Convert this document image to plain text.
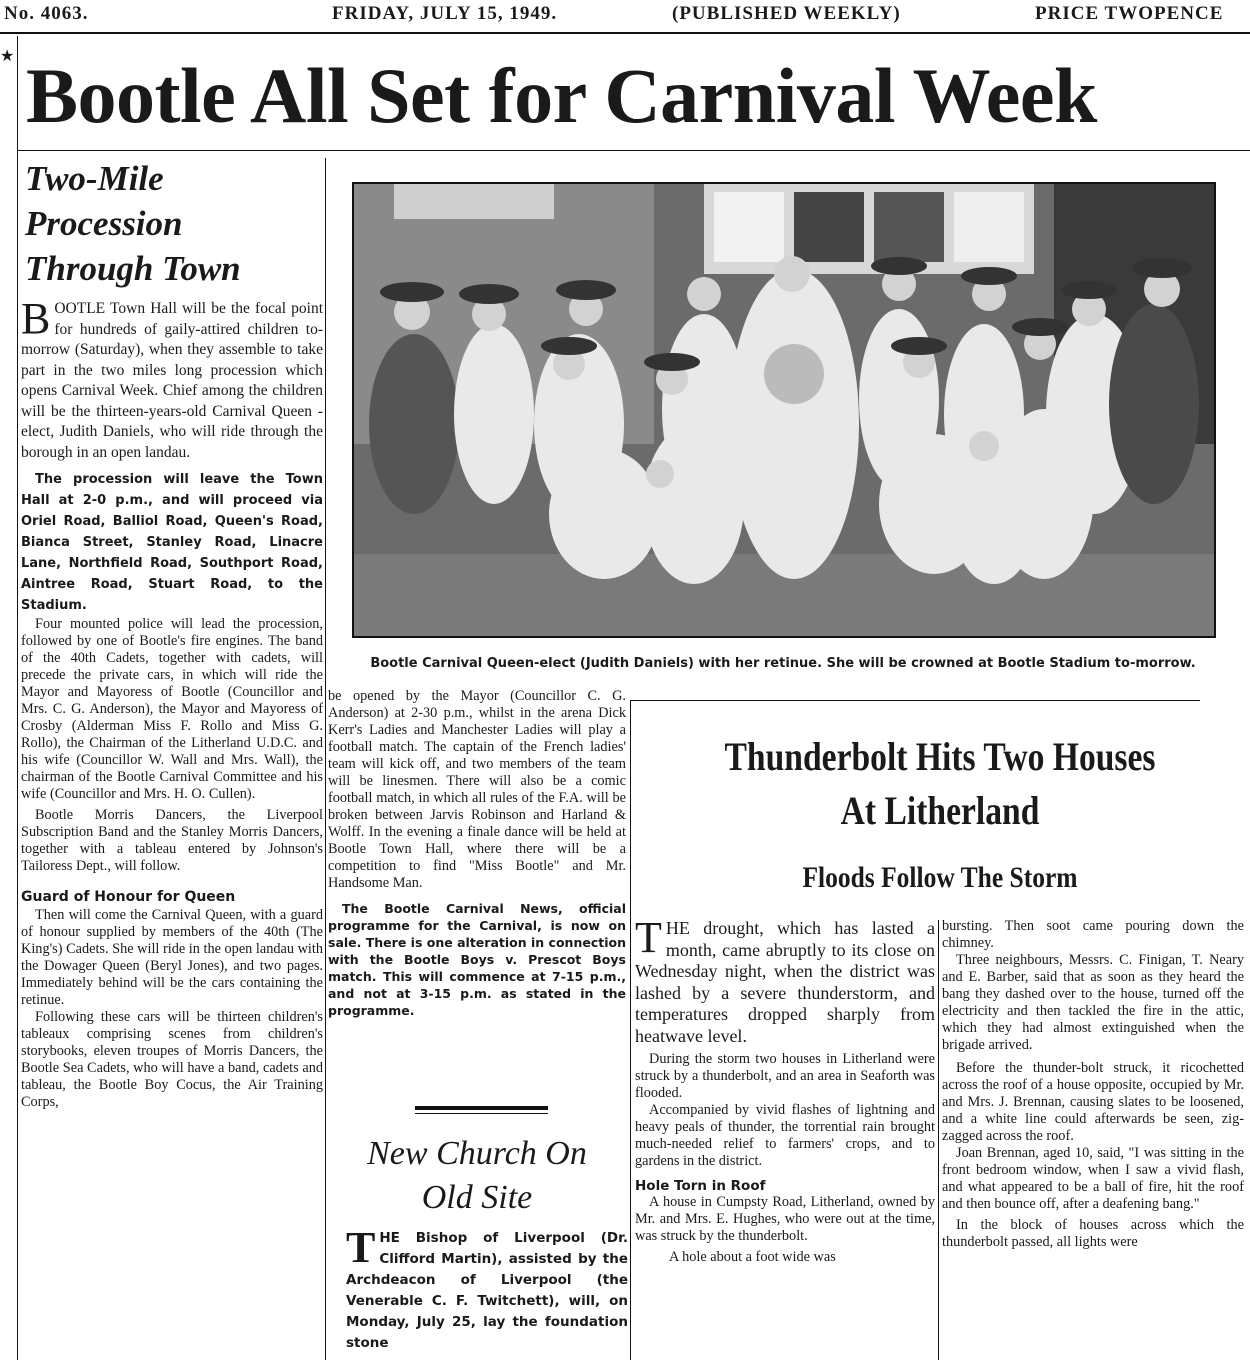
No. 4063.	FRIDAY, JULY 15, 1949.	(PUBLISHED WEEKLY)	PRICE TWOPENCE
★ Bootle All Set for Carnival Week
Two-Mile
Procession
Through Town
BOOTLE Town Hall will be the focal point for hundreds of gaily-attired children to-morrow (Saturday), when they assemble to take part in the two miles long procession which opens Carnival Week. Chief among the children will be the thirteen-years-old Carnival Queen - elect, Judith Daniels, who will ride through the borough in an open landau.
The procession will leave the Town Hall at 2-0 p.m., and will proceed via Oriel Road, Balliol Road, Queen's Road, Bianca Street, Stanley Road, Linacre Lane, Northfield Road, Southport Road, Aintree Road, Stuart Road, to the Stadium.
Four mounted police will lead the procession, followed by one of Bootle's fire engines. The band of the 40th Cadets, together with cadets, will precede the private cars, in which will ride the Mayor and Mayoress of Bootle (Councillor and Mrs. C. G. Anderson), the Mayor and Mayoress of Crosby (Alderman Miss F. Rollo and Miss G. Rollo), the Chairman of the Litherland U.D.C. and his wife (Councillor W. Wall and Mrs. Wall), the chairman of the Bootle Carnival Committee and his wife (Councillor and Mrs. H. O. Cullen).
Bootle Morris Dancers, the Liverpool Subscription Band and the Stanley Morris Dancers, together with a tableau entered by Johnson's Tailoress Dept., will follow.
Guard of Honour for Queen
Then will come the Carnival Queen, with a guard of honour supplied by members of the 40th (The King's) Cadets. She will ride in the open landau with the Dowager Queen (Beryl Jones), and two pages. Immediately behind will be the cars containing the retinue.
Following these cars will be thirteen children's tableaux comprising scenes from children's storybooks, eleven troupes of Morris Dancers, the Bootle Sea Cadets, who will have a band, cadets and tableau, the Bootle Boy Cocus, the Air Training Corps,
Bootle Carnival Queen-elect (Judith Daniels) with her retinue. She will be crowned at Bootle Stadium to-morrow.
be opened by the Mayor (Councillor C. G. Anderson) at 2-30 p.m., whilst in the arena Dick Kerr's Ladies and Manchester Ladies will play a football match. The captain of the French ladies' team will kick off, and two members of the team will be linesmen. There will also be a comic football match, in which all rules of the F.A. will be broken between Jarvis Robinson and Harland & Wolff. In the evening a finale dance will be held at Bootle Town Hall, where there will be a competition to find "Miss Bootle" and Mr. Handsome Man.
The Bootle Carnival News, official programme for the Carnival, is now on sale. There is one alteration in connection with the Bootle Boys v. Prescot Boys match. This will commence at 7-15 p.m., and not at 3-15 p.m. as stated in the programme.
New Church On
Old Site
THE Bishop of Liverpool (Dr. Clifford Martin), assisted by the Archdeacon of Liverpool (the Venerable C. F. Twitchett), will, on Monday, July 25, lay the foundation stone
Thunderbolt Hits Two Houses
At Litherland
Floods Follow The Storm
THE drought, which has lasted a month, came abruptly to its close on Wednesday night, when the district was lashed by a severe thunderstorm, and temperatures dropped sharply from heatwave level.
During the storm two houses in Litherland were struck by a thunderbolt, and an area in Seaforth was flooded.
Accompanied by vivid flashes of lightning and heavy peals of thunder, the torrential rain brought much-needed relief to farmers' crops, and to gardens in the district.
Hole Torn in Roof
A house in Cumpsty Road, Litherland, owned by Mr. and Mrs. E. Hughes, who were out at the time, was struck by the thunderbolt.
A hole about a foot wide was
bursting. Then soot came pouring down the chimney.
Three neighbours, Messrs. C. Finigan, T. Neary and E. Barber, said that as soon as they heard the bang they dashed over to the house, turned off the electricity and then tackled the fire in the attic, which they had almost extinguished when the brigade arrived.
Before the thunder-bolt struck, it ricochetted across the roof of a house opposite, occupied by Mr. and Mrs. J. Brennan, causing slates to be loosened, and a white line could afterwards be seen, zig-zagged across the roof.
Joan Brennan, aged 10, said, "I was sitting in the front bedroom window, when I saw a vivid flash, and what appeared to be a ball of fire, hit the roof and then bounce off, after a deafening bang."
In the block of houses across which the thunderbolt passed, all lights were
